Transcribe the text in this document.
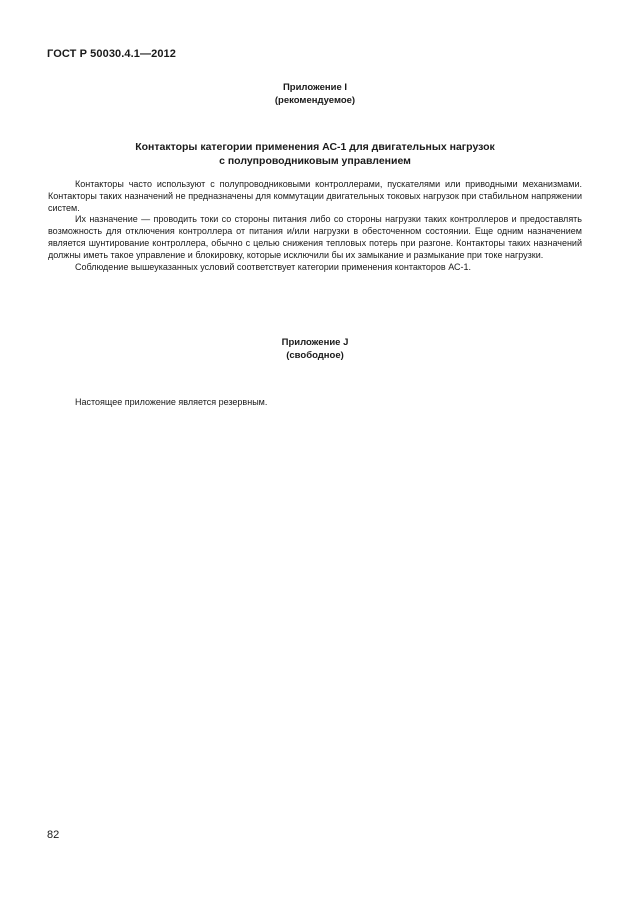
ГОСТ Р 50030.4.1—2012
Приложение I
(рекомендуемое)
Контакторы категории применения АС-1 для двигательных нагрузок
с полупроводниковым управлением

Контакторы часто используют с полупроводниковыми контроллерами, пускателями или приводными механизмами. Контакторы таких назначений не предназначены для коммутации двигательных токовых нагрузок при стабильном напряжении систем.

Их назначение — проводить токи со стороны питания либо со стороны нагрузки таких контроллеров и предоставлять возможность для отключения контроллера от питания и/или нагрузки в обесточенном состоянии. Еще одним назначением является шунтирование контроллера, обычно с целью снижения тепловых потерь при разгоне. Контакторы таких назначений должны иметь такое управление и блокировку, которые исключили бы их замыкание и размыкание при токе нагрузки.

Соблюдение вышеуказанных условий соответствует категории применения контакторов АС-1.

Приложение J
(свободное)
Настоящее приложение является резервным.
82
